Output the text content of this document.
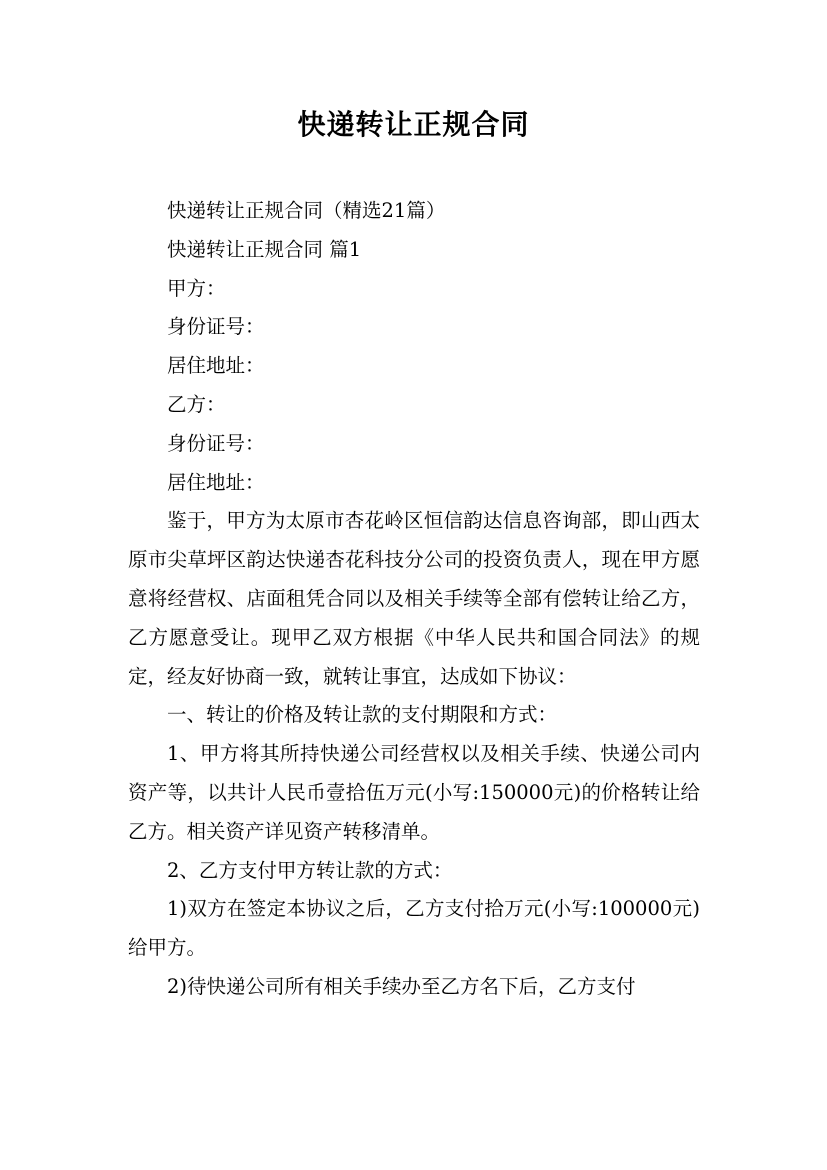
快递转让正规合同

快递转让正规合同（精选21篇）

快递转让正规合同 篇1

甲方：

身份证号：

居住地址：

乙方：

身份证号：

居住地址：

鉴于，甲方为太原市杏花岭区恒信韵达信息咨询部，即山西太原市尖草坪区韵达快递杏花科技分公司的投资负责人，现在甲方愿意将经营权、店面租凭合同以及相关手续等全部有偿转让给乙方，乙方愿意受让。现甲乙双方根据《中华人民共和国合同法》的规定，经友好协商一致，就转让事宜，达成如下协议：

一、转让的价格及转让款的支付期限和方式：

1、甲方将其所持快递公司经营权以及相关手续、快递公司内资产等，以共计人民币壹拾伍万元(小写:150000元)的价格转让给乙方。相关资产详见资产转移清单。

2、乙方支付甲方转让款的方式：

1)双方在签定本协议之后，乙方支付拾万元(小写:100000元)给甲方。

2)待快递公司所有相关手续办至乙方名下后，乙方支付
